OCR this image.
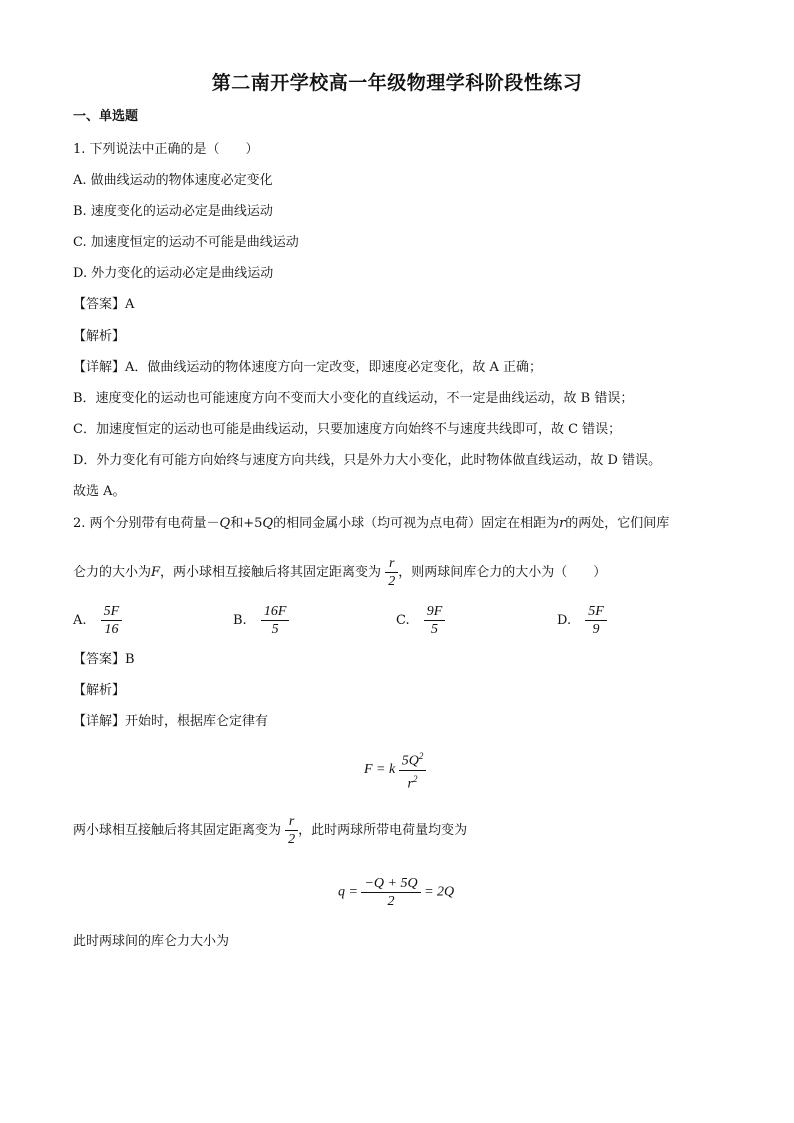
第二南开学校高一年级物理学科阶段性练习
一、单选题
1. 下列说法中正确的是（　　）
A. 做曲线运动的物体速度必定变化
B. 速度变化的运动必定是曲线运动
C. 加速度恒定的运动不可能是曲线运动
D. 外力变化的运动必定是曲线运动
【答案】A
【解析】
【详解】A．做曲线运动的物体速度方向一定改变，即速度必定变化，故 A 正确；
B．速度变化的运动也可能速度方向不变而大小变化的直线运动，不一定是曲线运动，故 B 错误；
C．加速度恒定的运动也可能是曲线运动，只要加速度方向始终不与速度共线即可，故 C 错误；
D．外力变化有可能方向始终与速度方向共线，只是外力大小变化，此时物体做直线运动，故 D 错误。
故选 A。
2. 两个分别带有电荷量－Q和+5Q的相同金属小球（均可视为点电荷）固定在相距为r的两处，它们间库
仑力的大小为F，两小球相互接触后将其固定距离变为 $\frac{r}{2}$ ，则两球间库仑力的大小为（　　）
A. $\frac{5F}{16}$	B. $\frac{16F}{5}$	C. $\frac{9F}{5}$	D. $\frac{5F}{9}$
【答案】B
【解析】
【详解】开始时，根据库仑定律有
F = k $\frac{5Q^2}{r^2}$
两小球相互接触后将其固定距离变为 $\frac{r}{2}$ ，此时两球所带电荷量均变为
$q = \frac{-Q + 5Q}{2} = 2Q$
此时两球间的库仑力大小为
